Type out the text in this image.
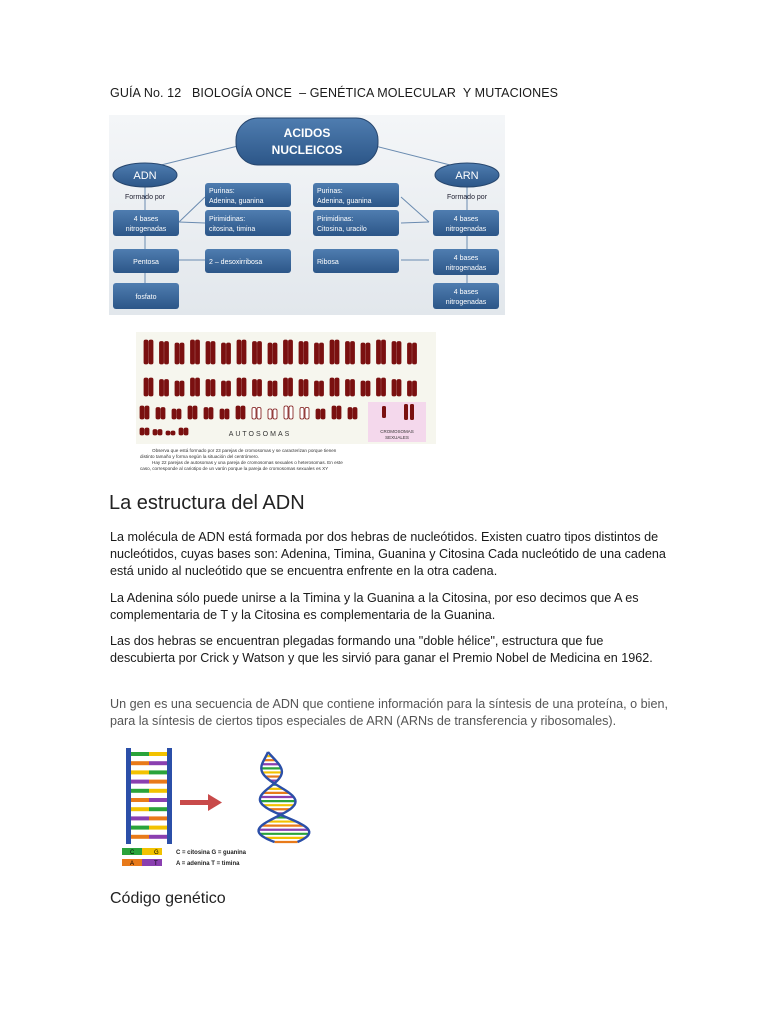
GUÍA No. 12   BIOLOGÍA ONCE  – GENÉTICA MOLECULAR  Y MUTACIONES
ACIDOS
NUCLEICOS
ADN
Formado por
ARN
Formado por
4 bases
nitrogenadas
Pentosa
fosfato
Purinas:
Adenina, guanina
Pirimidinas:
citosina, timina
2 – desoxirribosa
Purinas:
Adenina, guanina
Pirimidinas:
Citosina, uracilo
Ribosa
4 bases
nitrogenadas
4 bases
nitrogenadas
4 bases
nitrogenadas
AUTOSOMAS	CROMOSOMAS
SEXUALES
Observa que está formado por 23 parejas de cromosomas y se caracterizan porque tienen
distinto tamaño y forma según la situación del centrómero.
Hay 22 parejas de autosomas y una pareja de cromosomas sexuales o heterosomas. En este
caso, corresponde al cariotipo de un varón porque la pareja de cromosomas sexuales es XY
La estructura del ADN
La molécula de ADN está formada por dos hebras de nucleótidos. Existen cuatro tipos distintos de nucleótidos, cuyas bases son: Adenina, Timina, Guanina y Citosina Cada nucleótido de una cadena está unido al nucleótido que se encuentra enfrente en la otra cadena.
La Adenina sólo puede unirse a la Timina y la Guanina a la Citosina, por eso decimos que A es complementaria de T y la Citosina es complementaria de la Guanina.
Las dos hebras se encuentran plegadas formando una "doble hélice", estructura que fue descubierta por Crick y Watson y que les sirvió para ganar el Premio Nobel de Medicina en 1962.
Un gen es una secuencia de ADN que contiene información para la síntesis de una proteína, o bien, para la síntesis de ciertos tipos especiales de ARN (ARNs de transferencia y ribosomales).
C	G
A	T
C = citosina G = guanina
A = adenina T = timina
Código genético
